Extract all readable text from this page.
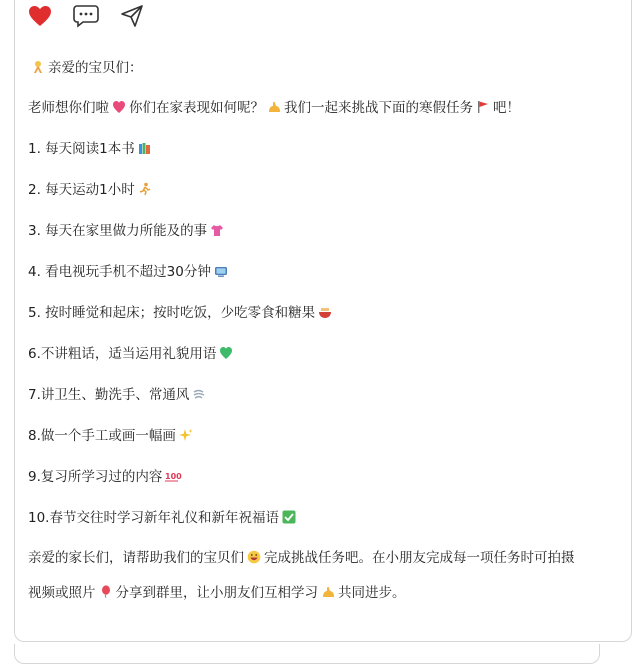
亲爱的宝贝们：
老师想你们啦 你们在家表现如何呢？ 我们一起来挑战下面的寒假任务 吧！
1. 每天阅读1本书
2. 每天运动1小时
3. 每天在家里做力所能及的事
4. 看电视玩手机不超过30分钟
5. 按时睡觉和起床；按时吃饭，少吃零食和糖果
6.不讲粗话，适当运用礼貌用语
7.讲卫生、勤洗手、常通风
8.做一个手工或画一幅画
9.复习所学习过的内容 100
10.春节交往时学习新年礼仪和新年祝福语
亲爱的家长们，请帮助我们的宝贝们 完成挑战任务吧。在小朋友完成每一项任务时可拍摄
视频或照片 分享到群里，让小朋友们互相学习 共同进步。
